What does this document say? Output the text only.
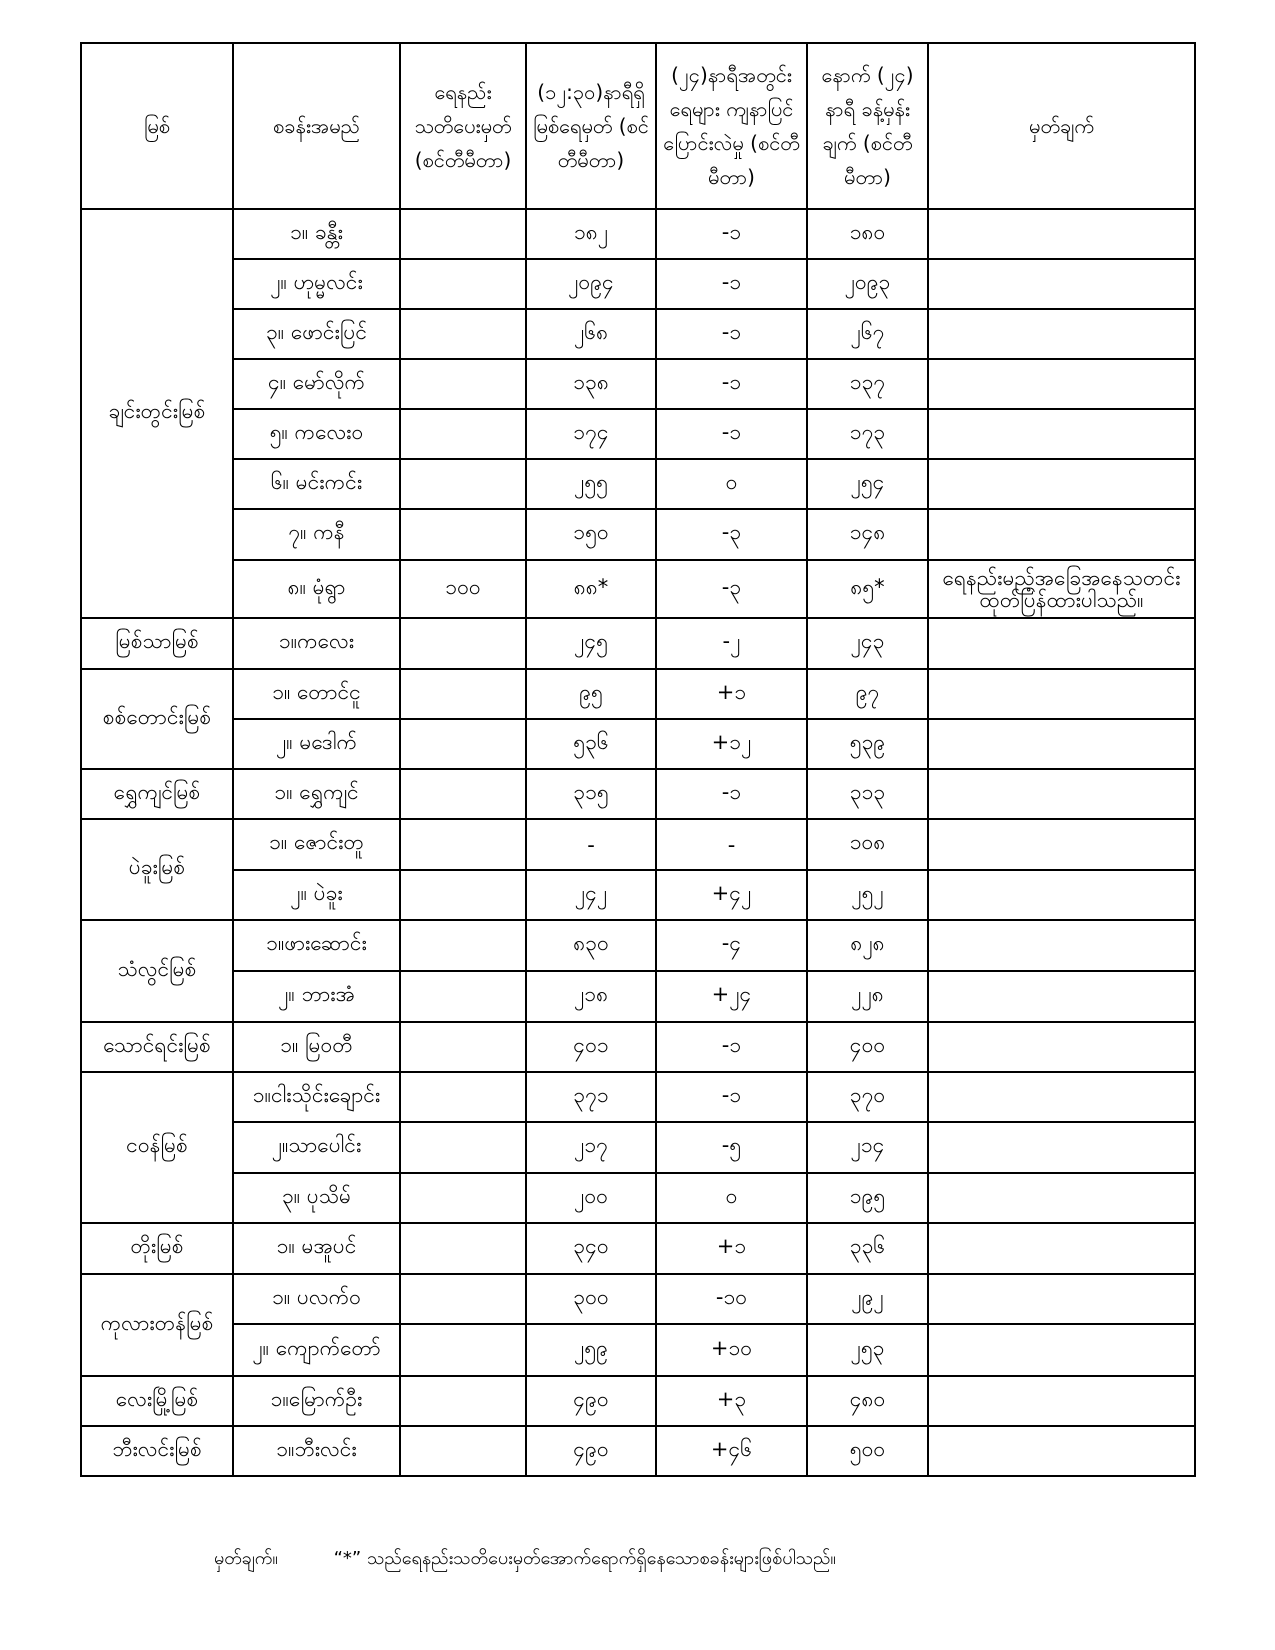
မြစ်	စခန်းအမည်	ရေနည်း သတိပေးမှတ် (စင်တီမီတာ)	(၁၂:၃၀)နာရီရှိ မြစ်ရေမှတ် (စင်တီမီတာ)	(၂၄)နာရီအတွင်း ရေများ ကျနာပြင် ပြောင်းလဲမှု (စင်တီမီတာ)	နောက် (၂၄) နာရီ ခန့်မှန်းချက် (စင်တီမီတာ)	မှတ်ချက်
ချင်းတွင်းမြစ်	၁။ ခန္တီး		၁၈၂	-၁	၁၈၀	
	၂။ ဟုမ္မလင်း		၂၀၉၄	-၁	၂၀၉၃	
	၃။ ဖောင်းပြင်		၂၆၈	-၁	၂၆၇	
	၄။ မော်လိုက်		၁၃၈	-၁	၁၃၇	
	၅။ ကလေးဝ		၁၇၄	-၁	၁၇၃	
	၆။ မင်းကင်း		၂၅၅	၀	၂၅၄	
	၇။ ကနီ		၁၅၀	-၃	၁၄၈	
	၈။ မုံရွာ	၁၀၀	၈၈*	-၃	၈၅*	ရေနည်းမည့်အခြေအနေသတင်း ထုတ်ပြန်ထားပါသည်။
မြစ်သာမြစ်	၁။ကလေး		၂၄၅	-၂	၂၄၃	
စစ်တောင်းမြစ်	၁။ တောင်ငူ		၉၅	+၁	၉၇	
	၂။ မဒေါက်		၅၃၆	+၁၂	၅၃၉	
ရွှေကျင်မြစ်	၁။ ရွှေကျင်		၃၁၅	-၁	၃၁၃	
ပဲခူးမြစ်	၁။ ဇောင်းတူ		-	-	၁၀၈	
	၂။ ပဲခူး		၂၄၂	+၄၂	၂၅၂	
သံလွင်မြစ်	၁။ဖားဆောင်း		၈၃၀	-၄	၈၂၈	
	၂။ ဘားအံ		၂၁၈	+၂၄	၂၂၈	
သောင်ရင်းမြစ်	၁။ မြဝတီ		၄၀၁	-၁	၄၀၀	
ငဝန်မြစ်	၁။ငါးသိုင်းချောင်း		၃၇၁	-၁	၃၇၀	
	၂။သာပေါင်း		၂၁၇	-၅	၂၁၄	
	၃။ ပုသိမ်		၂၀၀	၀	၁၉၅	
တိုးမြစ်	၁။ မအူပင်		၃၄၀	+၁	၃၃၆	
ကုလားတန်မြစ်	၁။ ပလက်ဝ		၃၀၀	-၁၀	၂၉၂	
	၂။ ကျောက်တော်		၂၅၉	+၁၀	၂၅၃	
လေးမြို့မြစ်	၁။မြောက်ဦး		၄၉၀	+၃	၄၈၀	
ဘီးလင်းမြစ်	၁။ဘီးလင်း		၄၉၀	+၄၆	၅၀၀	
မှတ်ချက်။	“*” သည်ရေနည်းသတိပေးမှတ်အောက်ရောက်ရှိနေသောစခန်းများဖြစ်ပါသည်။
